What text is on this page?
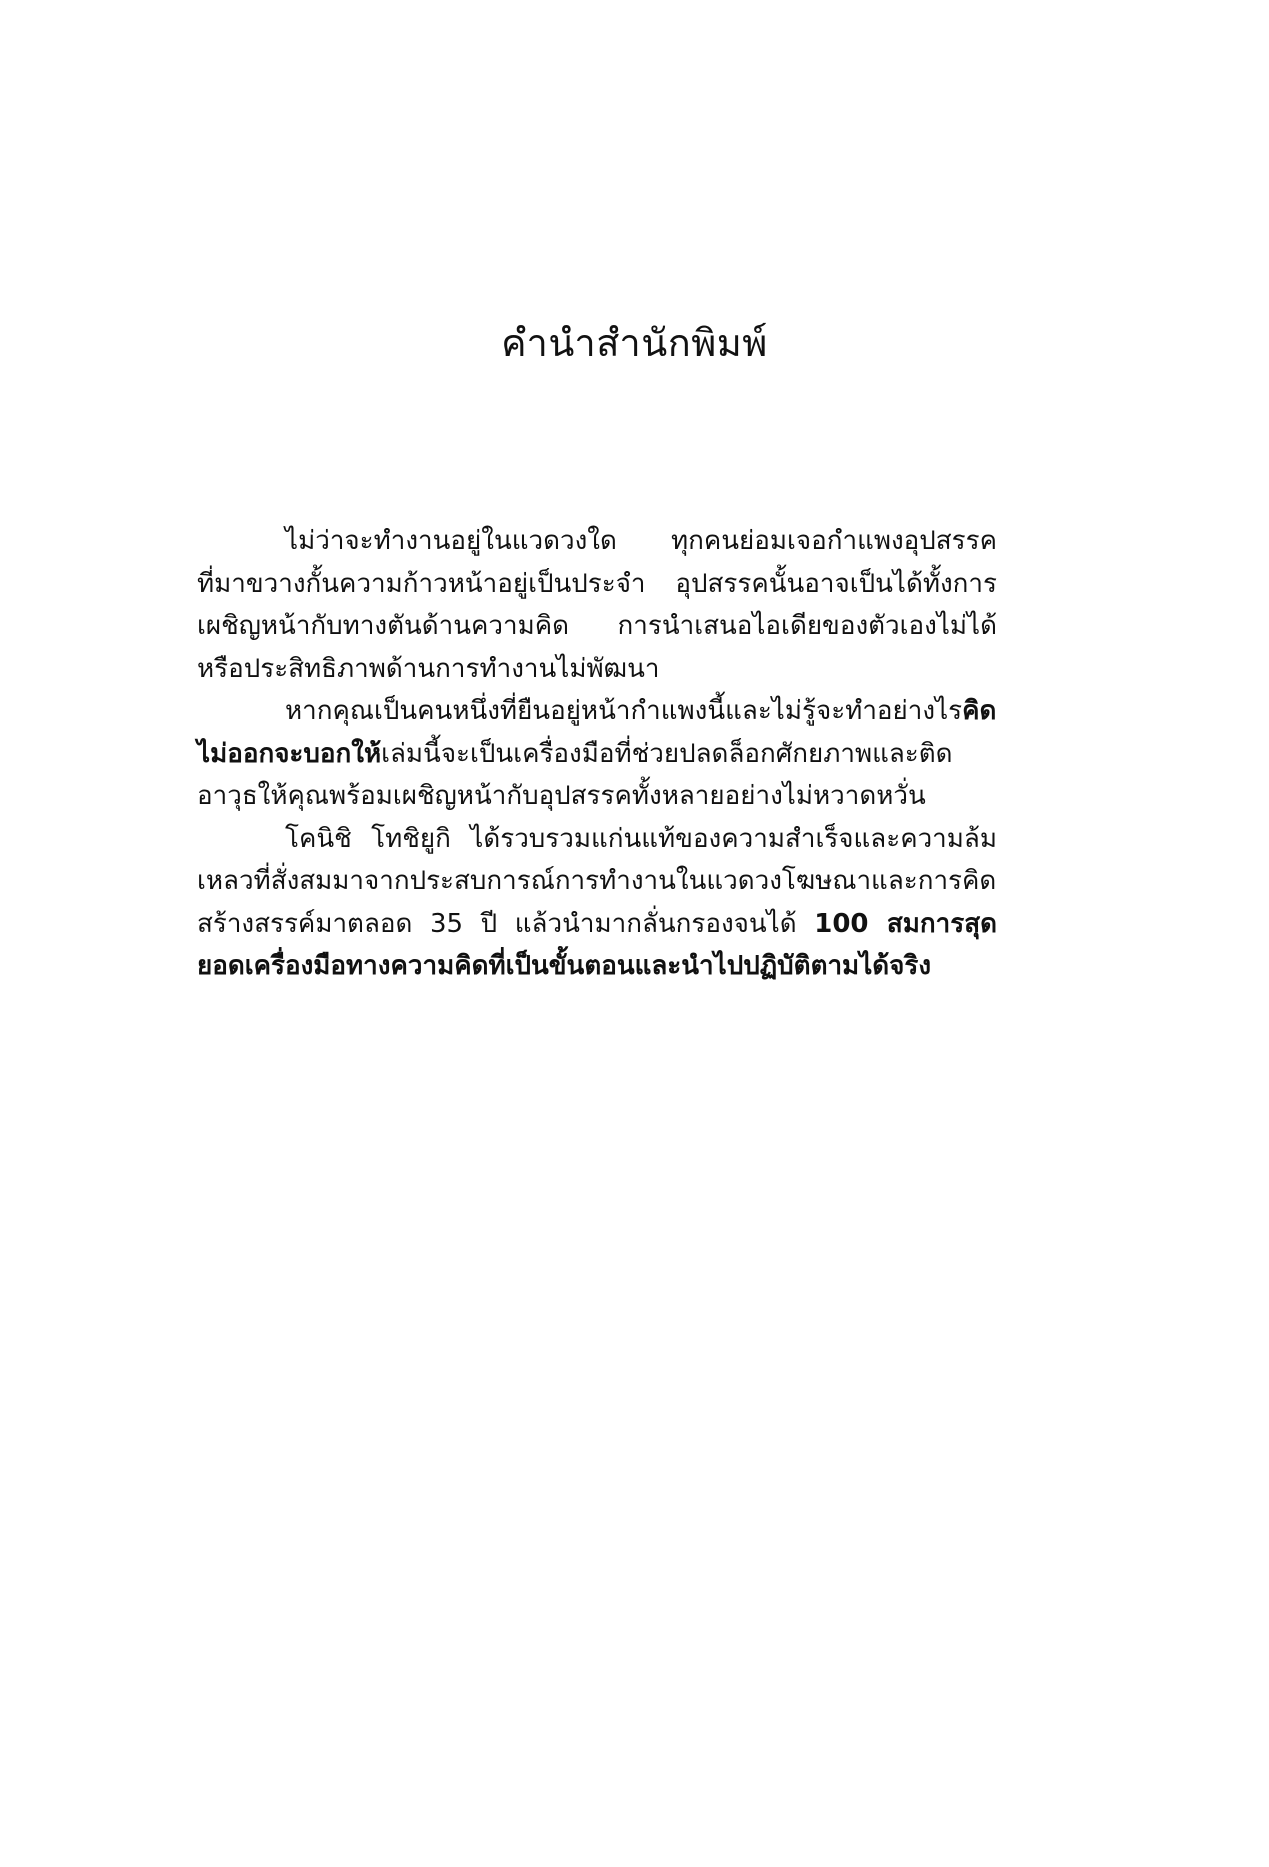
คำนำสำนักพิมพ์

ไม่ว่าจะทำงานอยู่ในแวดวงใด ทุกคนย่อมเจอกำแพงอุปสรรคที่มาขวางกั้นความก้าวหน้าอยู่เป็นประจำ อุปสรรคนั้นอาจเป็นได้ทั้งการเผชิญหน้ากับทางตันด้านความคิด การนำเสนอไอเดียของตัวเองไม่ได้หรือประสิทธิภาพด้านการทำงานไม่พัฒนา

หากคุณเป็นคนหนึ่งที่ยืนอยู่หน้ากำแพงนี้และไม่รู้จะทำอย่างไรคิดไม่ออกจะบอกให้เล่มนี้จะเป็นเครื่องมือที่ช่วยปลดล็อกศักยภาพและติดอาวุธให้คุณพร้อมเผชิญหน้ากับอุปสรรคทั้งหลายอย่างไม่หวาดหวั่น

โคนิชิ โทชิยูกิ ได้รวบรวมแก่นแท้ของความสำเร็จและความล้มเหลวที่สั่งสมมาจากประสบการณ์การทำงานในแวดวงโฆษณาและการคิดสร้างสรรค์มาตลอด 35 ปี แล้วนำมากลั่นกรองจนได้ 100 สมการสุดยอดเครื่องมือทางความคิดที่เป็นขั้นตอนและนำไปปฏิบัติตามได้จริง
